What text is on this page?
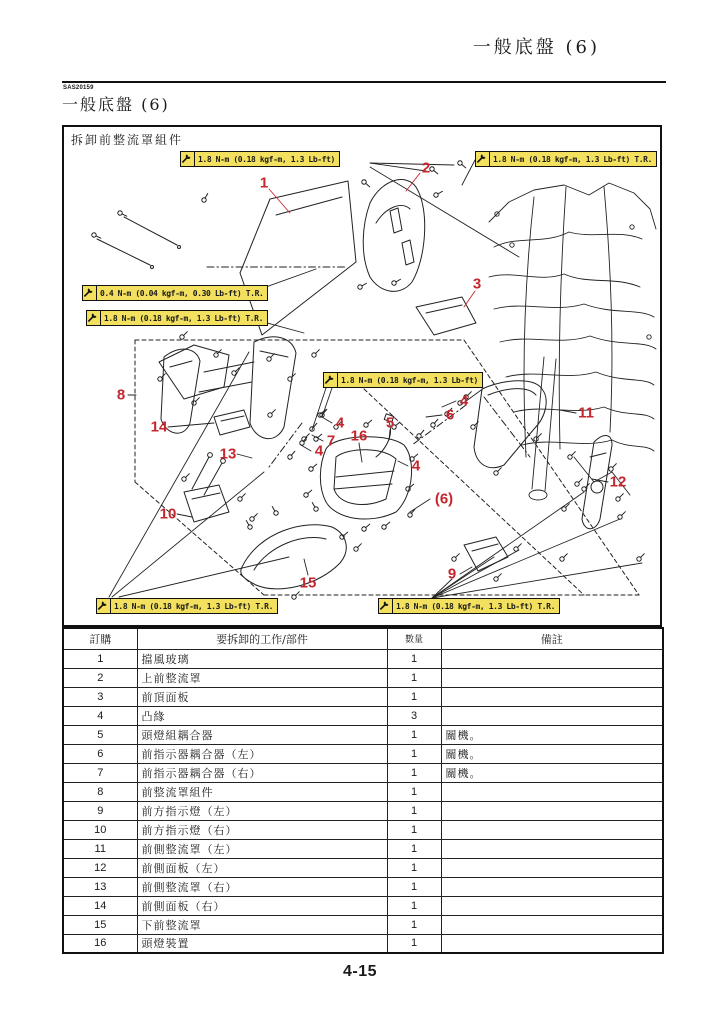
一般底盤 (6)
SAS20159
一般底盤 (6)
拆卸前整流罩組件
1.8 N-m (0.18 kgf-m, 1.3 Lb-ft)	1.8 N-m (0.18 kgf-m, 1.3 Lb-ft) T.R.
0.4 N-m (0.04 kgf-m, 0.30 Lb-ft) T.R.
1.8 N-m (0.18 kgf-m, 1.3 Lb-ft) T.R.
1.8 N-m (0.18 kgf-m, 1.3 Lb-ft)
1.8 N-m (0.18 kgf-m, 1.3 Lb-ft) T.R.	1.8 N-m (0.18 kgf-m, 1.3 Lb-ft) T.R.
1
2
3
8
14
13
10
4
7
4
16
5	6
4
4
(6)
11
12
9
15
訂購	要拆卸的工作/部件	數量	備註
1	擋風玻璃	1	
2	上前整流罩	1	
3	前頂面板	1	
4	凸緣	3	
5	頭燈組耦合器	1	關機。
6	前指示器耦合器（左）	1	關機。
7	前指示器耦合器（右）	1	關機。
8	前整流罩組件	1	
9	前方指示燈（左）	1	
10	前方指示燈（右）	1	
11	前側整流罩（左）	1	
12	前側面板（左）	1	
13	前側整流罩（右）	1	
14	前側面板（右）	1	
15	下前整流罩	1	
16	頭燈裝置	1	
4-15
